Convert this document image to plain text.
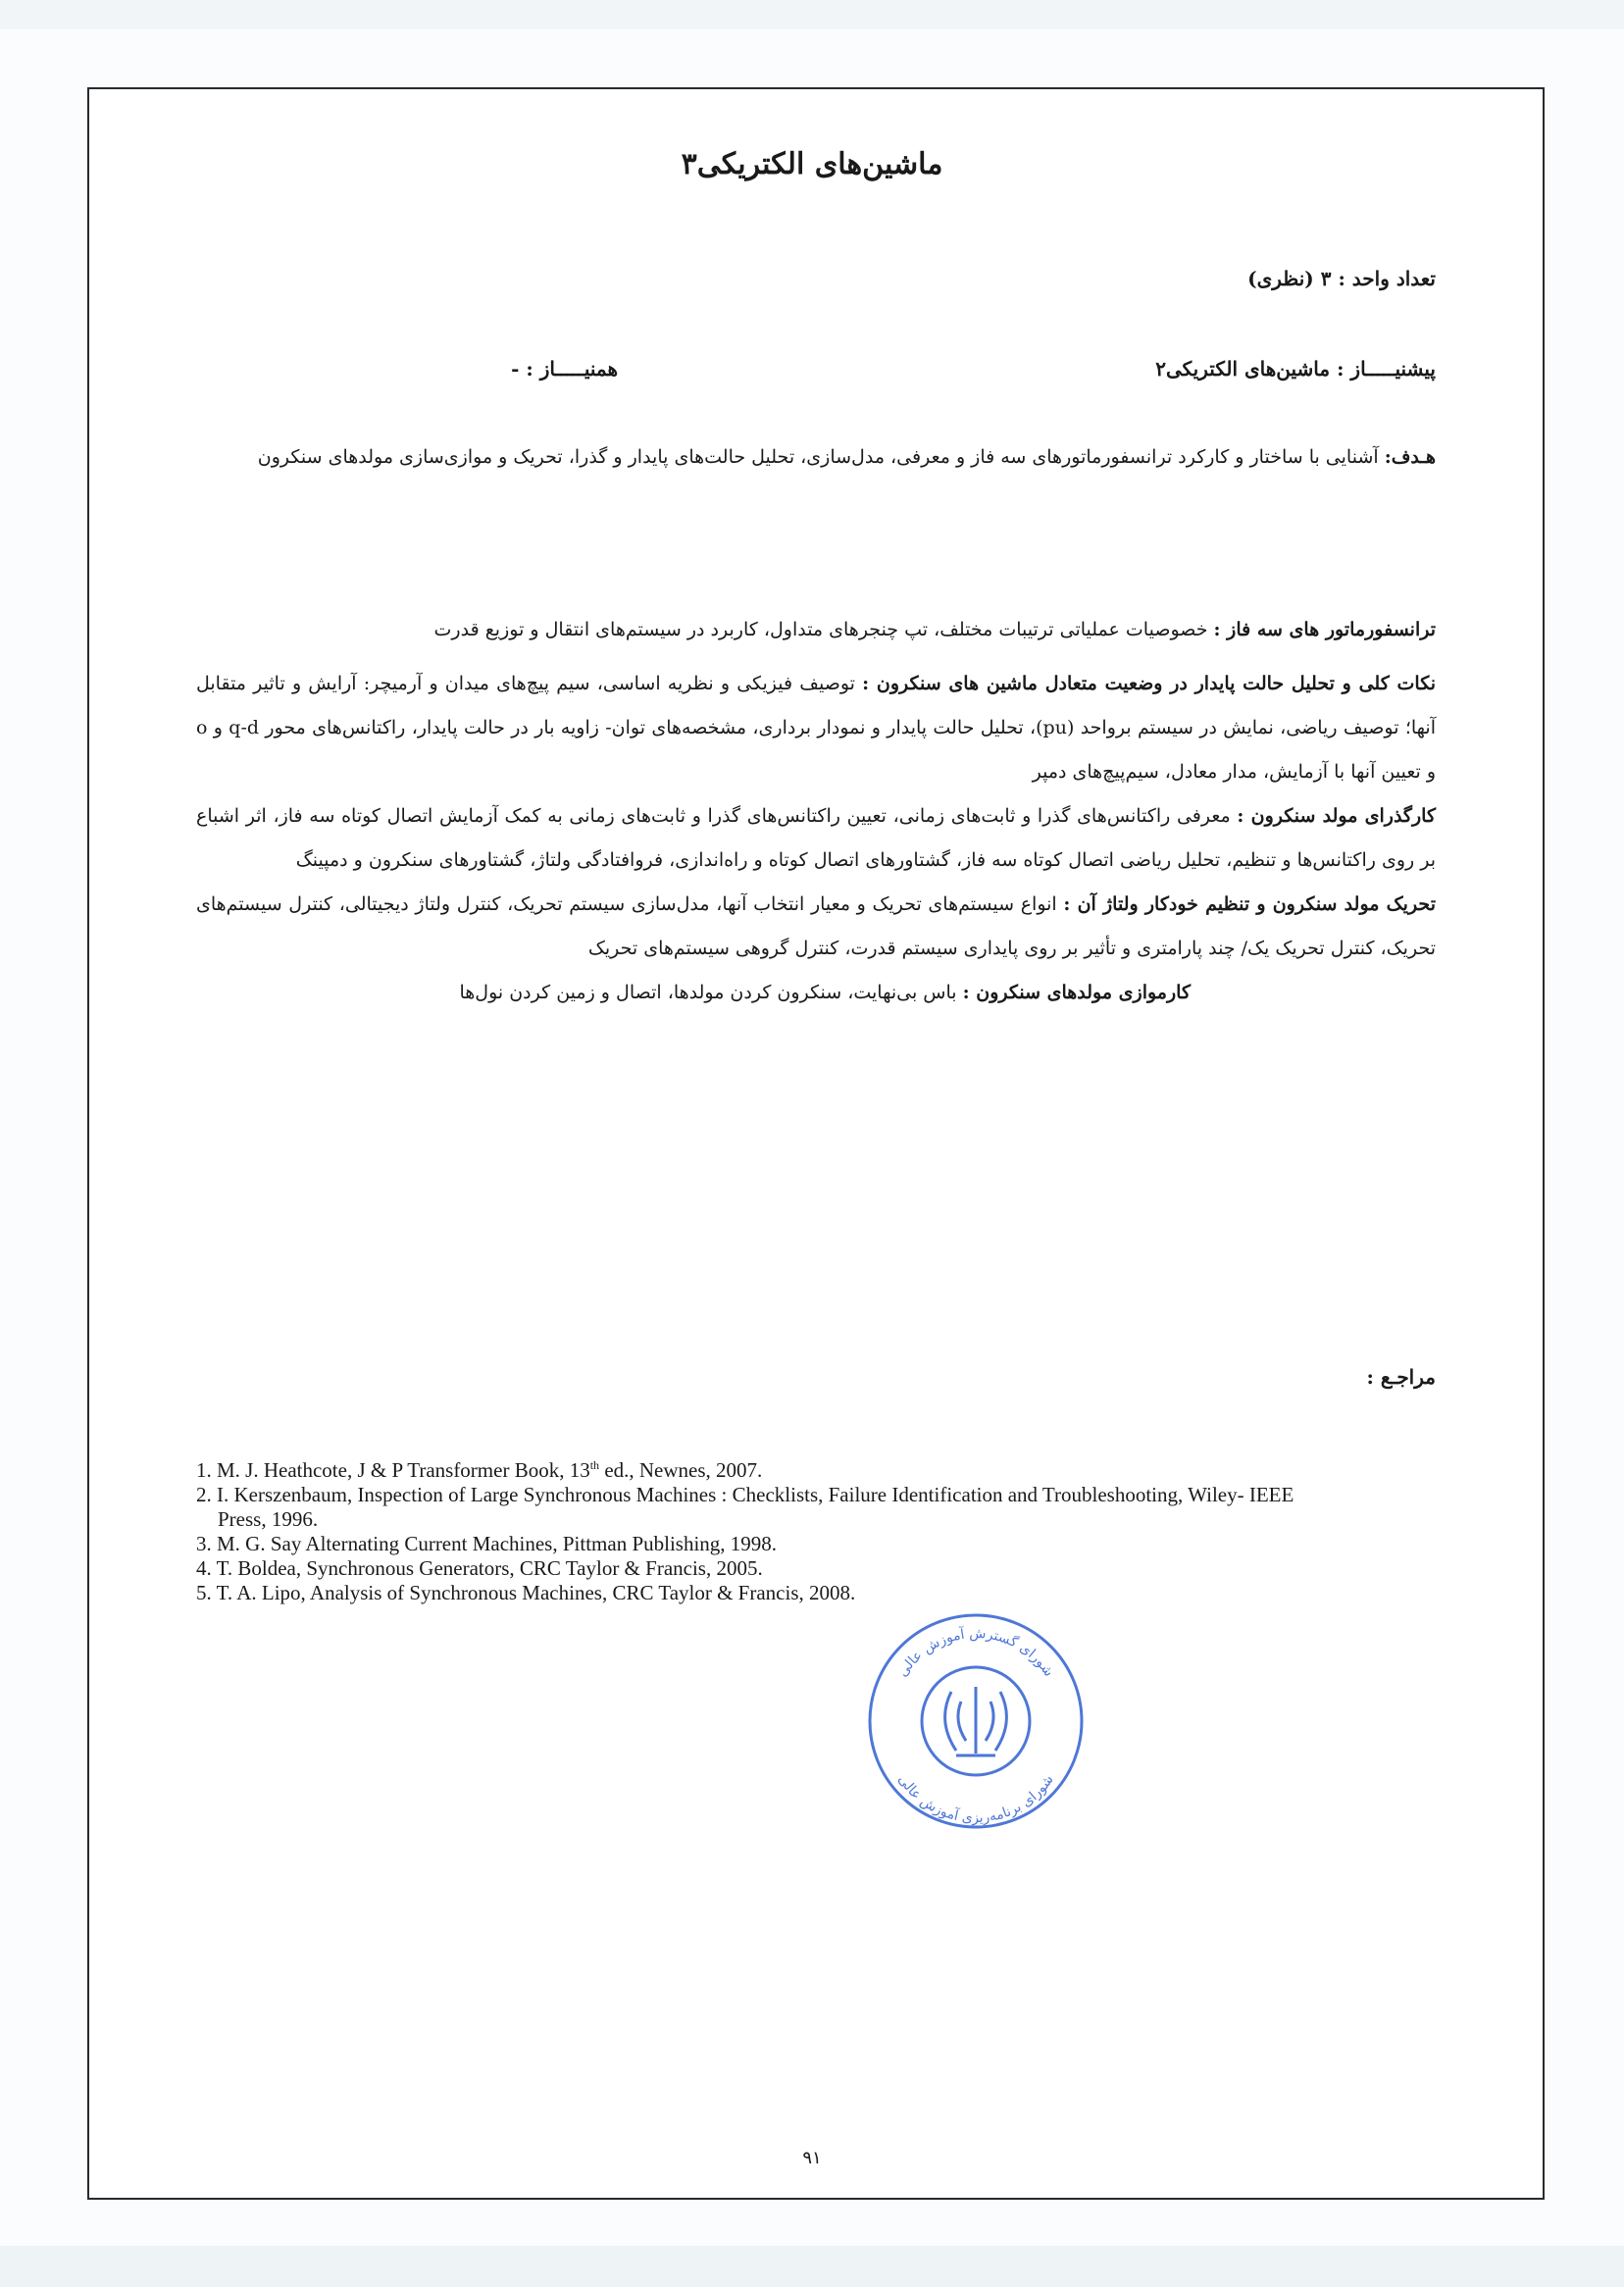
ماشین‌های الکتریکی۳
تعداد واحد : ۳ (نظری)
پیشنیـــــاز : ماشین‌های الکتریکی۲
همنیـــــاز : -

هـدف: آشنایی با ساختار و کارکرد ترانسفورماتورهای سه فاز و معرفی، مدل‌سازی، تحلیل حالت‌های پایدار و گذرا، تحریک و موازی‌سازی مولدهای سنکرون

ترانسفورماتور های سه فاز : خصوصیات عملیاتی ترتیبات مختلف، تپ چنجرهای متداول، کاربرد در سیستم‌های انتقال و توزیع قدرت

نکات کلی و تحلیل حالت پایدار در وضعیت متعادل ماشین های سنکرون : توصیف فیزیکی و نظریه اساسی، سیم پیچ‌های میدان و آرمیچر: آرایش و تاثیر متقابل آنها؛ توصیف ریاضی، نمایش در سیستم برواحد (pu)، تحلیل حالت پایدار و نمودار برداری، مشخصه‌های توان- زاویه بار در حالت پایدار، راکتانس‌های محور q-d و o و تعیین آنها با آزمایش، مدار معادل، سیم‌پیچ‌های دمپر

کارگذرای مولد سنکرون : معرفی راکتانس‌های گذرا و ثابت‌های زمانی، تعیین راکتانس‌های گذرا و ثابت‌های زمانی به کمک آزمایش اتصال کوتاه سه فاز، اثر اشباع بر روی راکتانس‌ها و تنظیم، تحلیل ریاضی اتصال کوتاه سه فاز، گشتاورهای اتصال کوتاه و راه‌اندازی، فروافتادگی ولتاژ، گشتاورهای سنکرون و دمپینگ

تحریک مولد سنکرون و تنظیم خودکار ولتاژ آن : انواع سیستم‌های تحریک و معیار انتخاب آنها، مدل‌سازی سیستم تحریک، کنترل ولتاژ دیجیتالی، کنترل سیستم‌های تحریک، کنترل تحریک یک/ چند پارامتری و تأثیر بر روی پایداری سیستم قدرت، کنترل گروهی سیستم‌های تحریک

کارموازی مولدهای سنکرون : باس بی‌نهایت، سنکرون کردن مولدها، اتصال و زمین کردن نول‌ها

مراجـع :
1. M. J. Heathcote, J & P Transformer Book, 13th ed., Newnes, 2007.
2. I. Kerszenbaum, Inspection of Large Synchronous Machines : Checklists, Failure Identification and Troubleshooting, Wiley- IEEE Press, 1996.
3. M. G. Say Alternating Current Machines, Pittman Publishing, 1998.
4. T. Boldea, Synchronous Generators, CRC Taylor & Francis, 2005.
5. T. A. Lipo, Analysis of Synchronous Machines, CRC Taylor & Francis, 2008.
شورای گسترش آموزش عالی
شورای برنامه‌ریزی آموزش عالی
۹۱
